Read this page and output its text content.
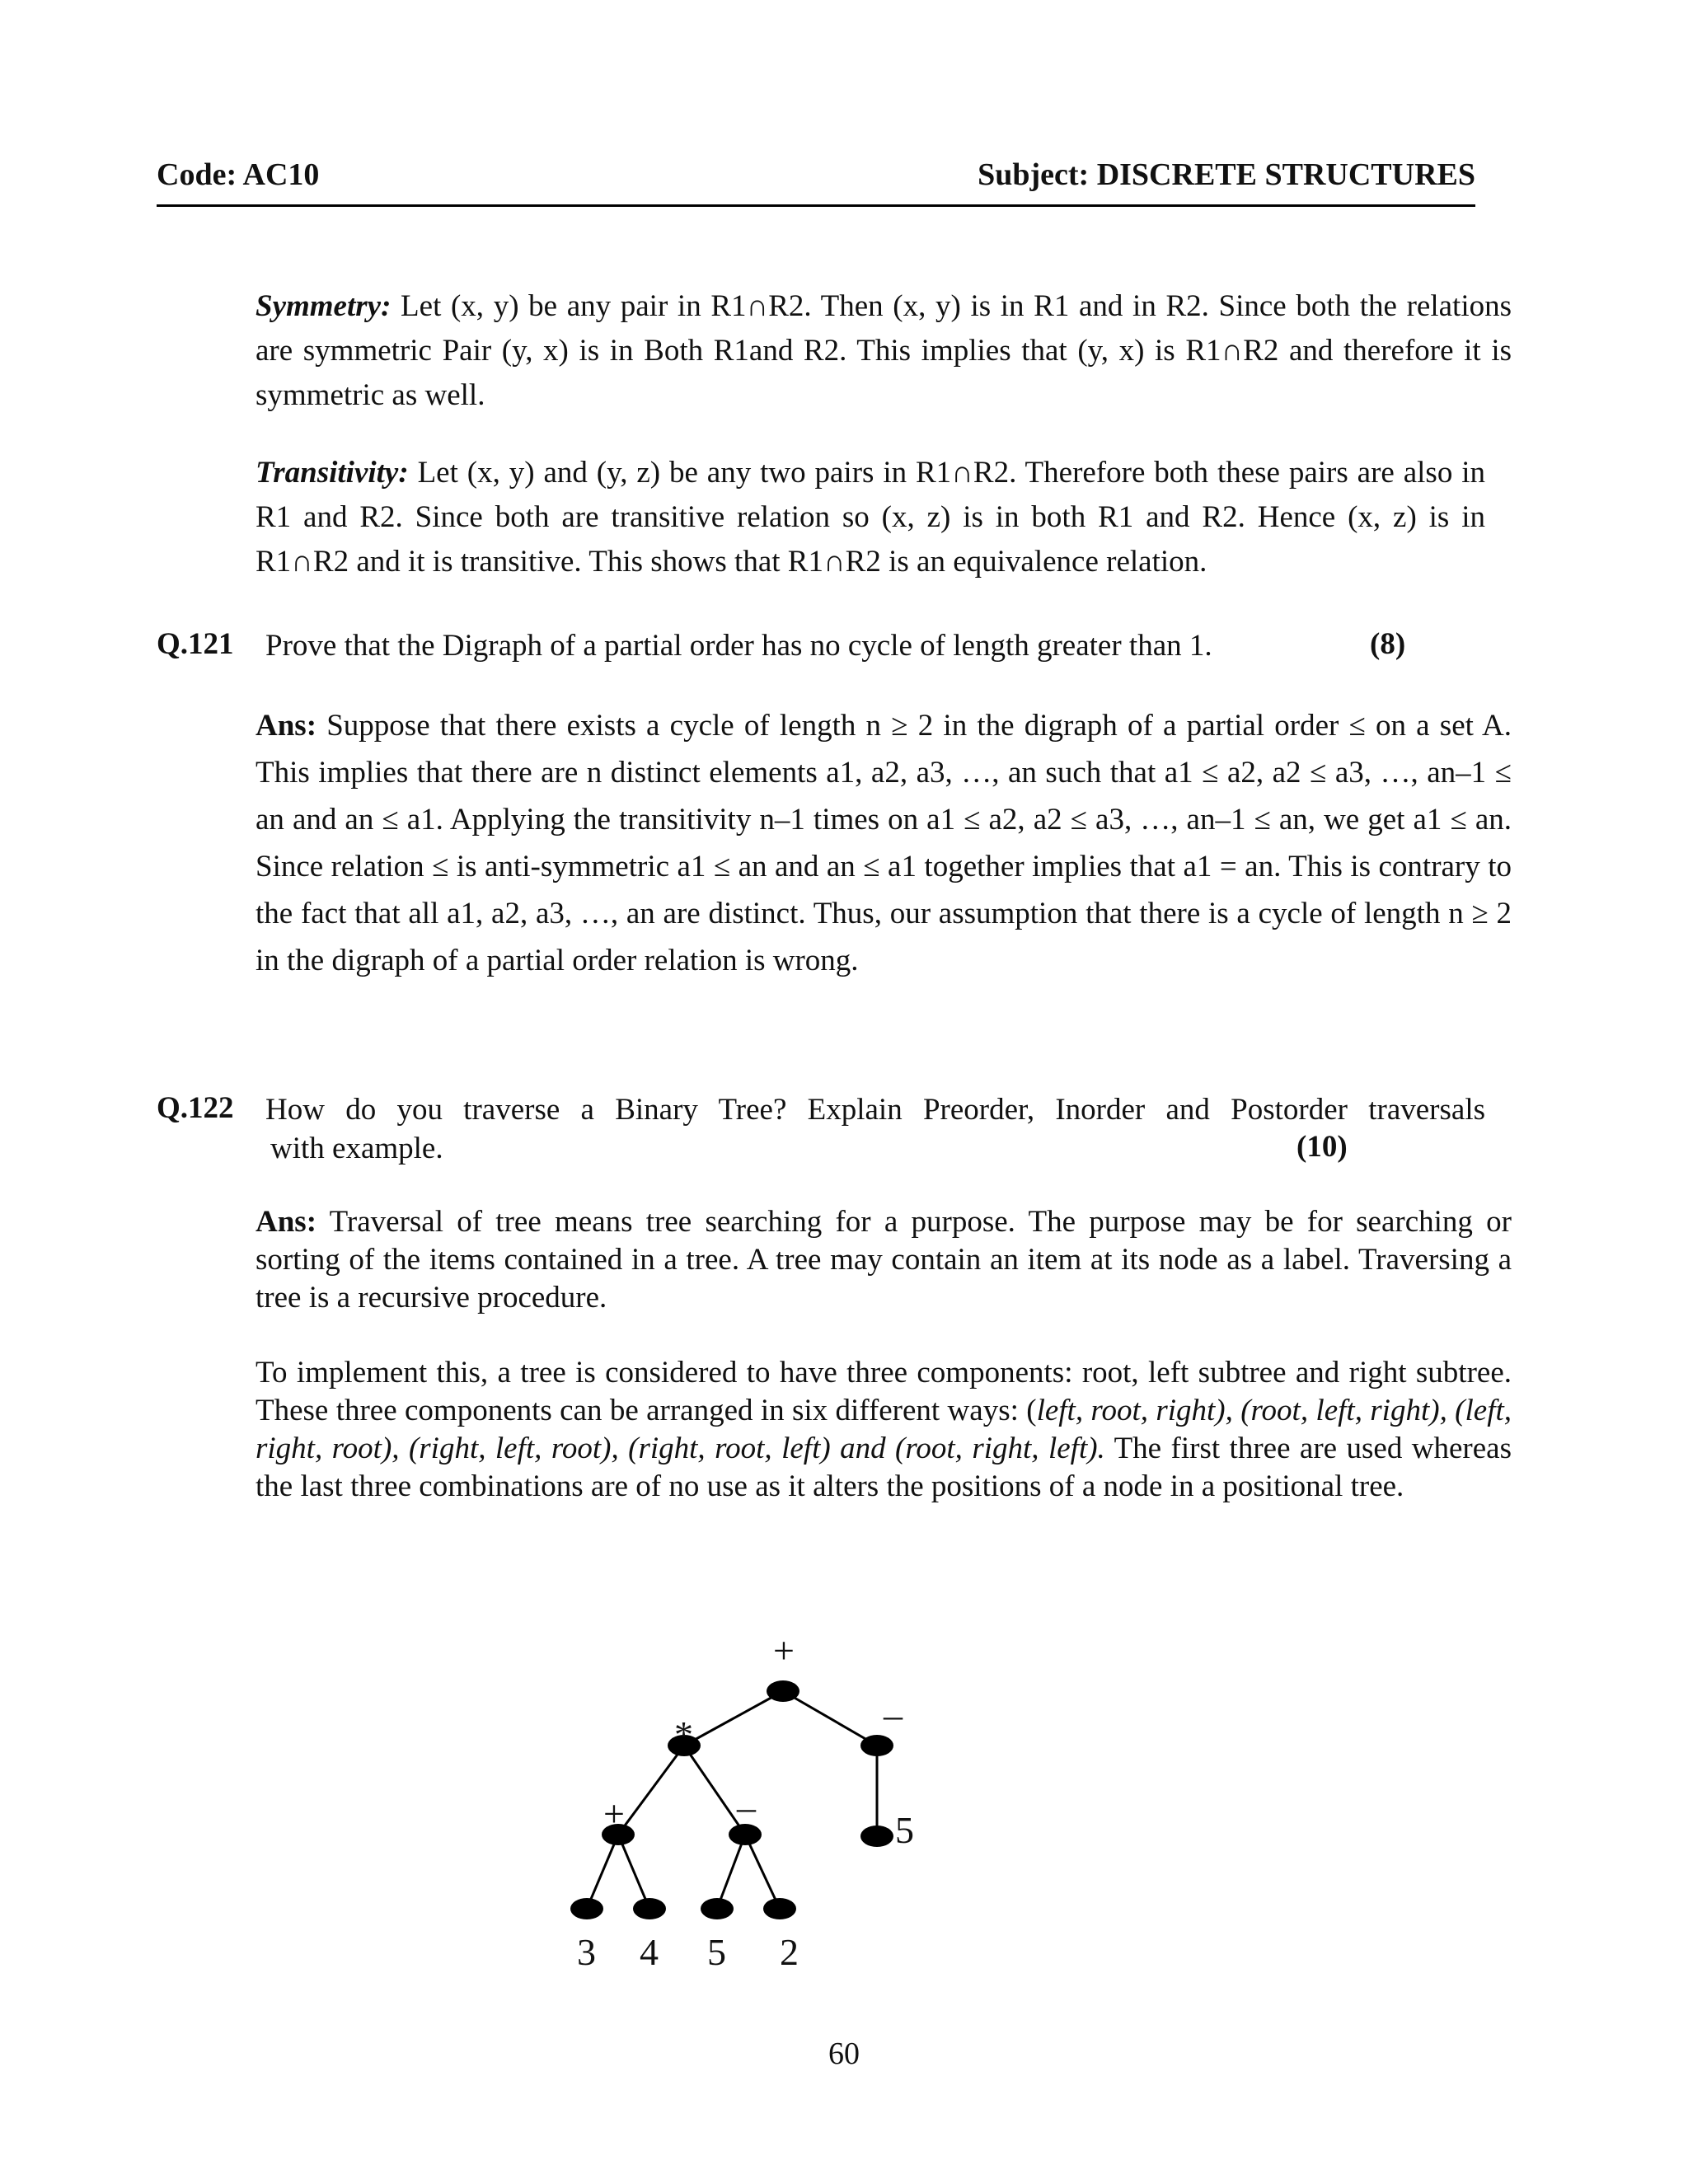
Code: AC10	Subject: DISCRETE STRUCTURES
Symmetry: Let (x, y) be any pair in R1∩R2. Then (x, y) is in R1 and in R2. Since both the relations are symmetric Pair (y, x) is in Both R1and R2. This implies that (y, x) is R1∩R2 and therefore it is symmetric as well.
Transitivity: Let (x, y) and (y, z) be any two pairs in R1∩R2. Therefore both these pairs are also in R1 and R2. Since both are transitive relation so (x, z) is in both R1 and R2. Hence (x, z) is in R1∩R2 and it is transitive. This shows that R1∩R2 is an equivalence relation.
Q.121 Prove that the Digraph of a partial order has no cycle of length greater than 1.	(8)
Ans: Suppose that there exists a cycle of length n ≥ 2 in the digraph of a partial order ≤ on a set A. This implies that there are n distinct elements a1, a2, a3, …, an such that a1 ≤ a2, a2 ≤ a3, …, an–1 ≤ an and an ≤ a1. Applying the transitivity n–1 times on a1 ≤ a2, a2 ≤ a3, …, an–1 ≤ an, we get a1 ≤ an. Since relation ≤ is anti-symmetric a1 ≤ an and an ≤ a1 together implies that a1 = an. This is contrary to the fact that all a1, a2, a3, …, an are distinct. Thus, our assumption that there is a cycle of length n ≥ 2 in the digraph of a partial order relation is wrong.
Q.122 How do you traverse a Binary Tree? Explain Preorder, Inorder and Postorder traversals
with example.	(10)
Ans: Traversal of tree means tree searching for a purpose. The purpose may be for searching or sorting of the items contained in a tree. A tree may contain an item at its node as a label. Traversing a tree is a recursive procedure.
To implement this, a tree is considered to have three components: root, left subtree and right subtree. These three components can be arranged in six different ways: (left, root, right), (root, left, right), (left, right, root), (right, left, root), (right, root, left) and (root, right, left). The first three are used whereas the last three combinations are of no use as it alters the positions of a node in a positional tree.
+
*	–
+	–
5
3 4 5 2
60
